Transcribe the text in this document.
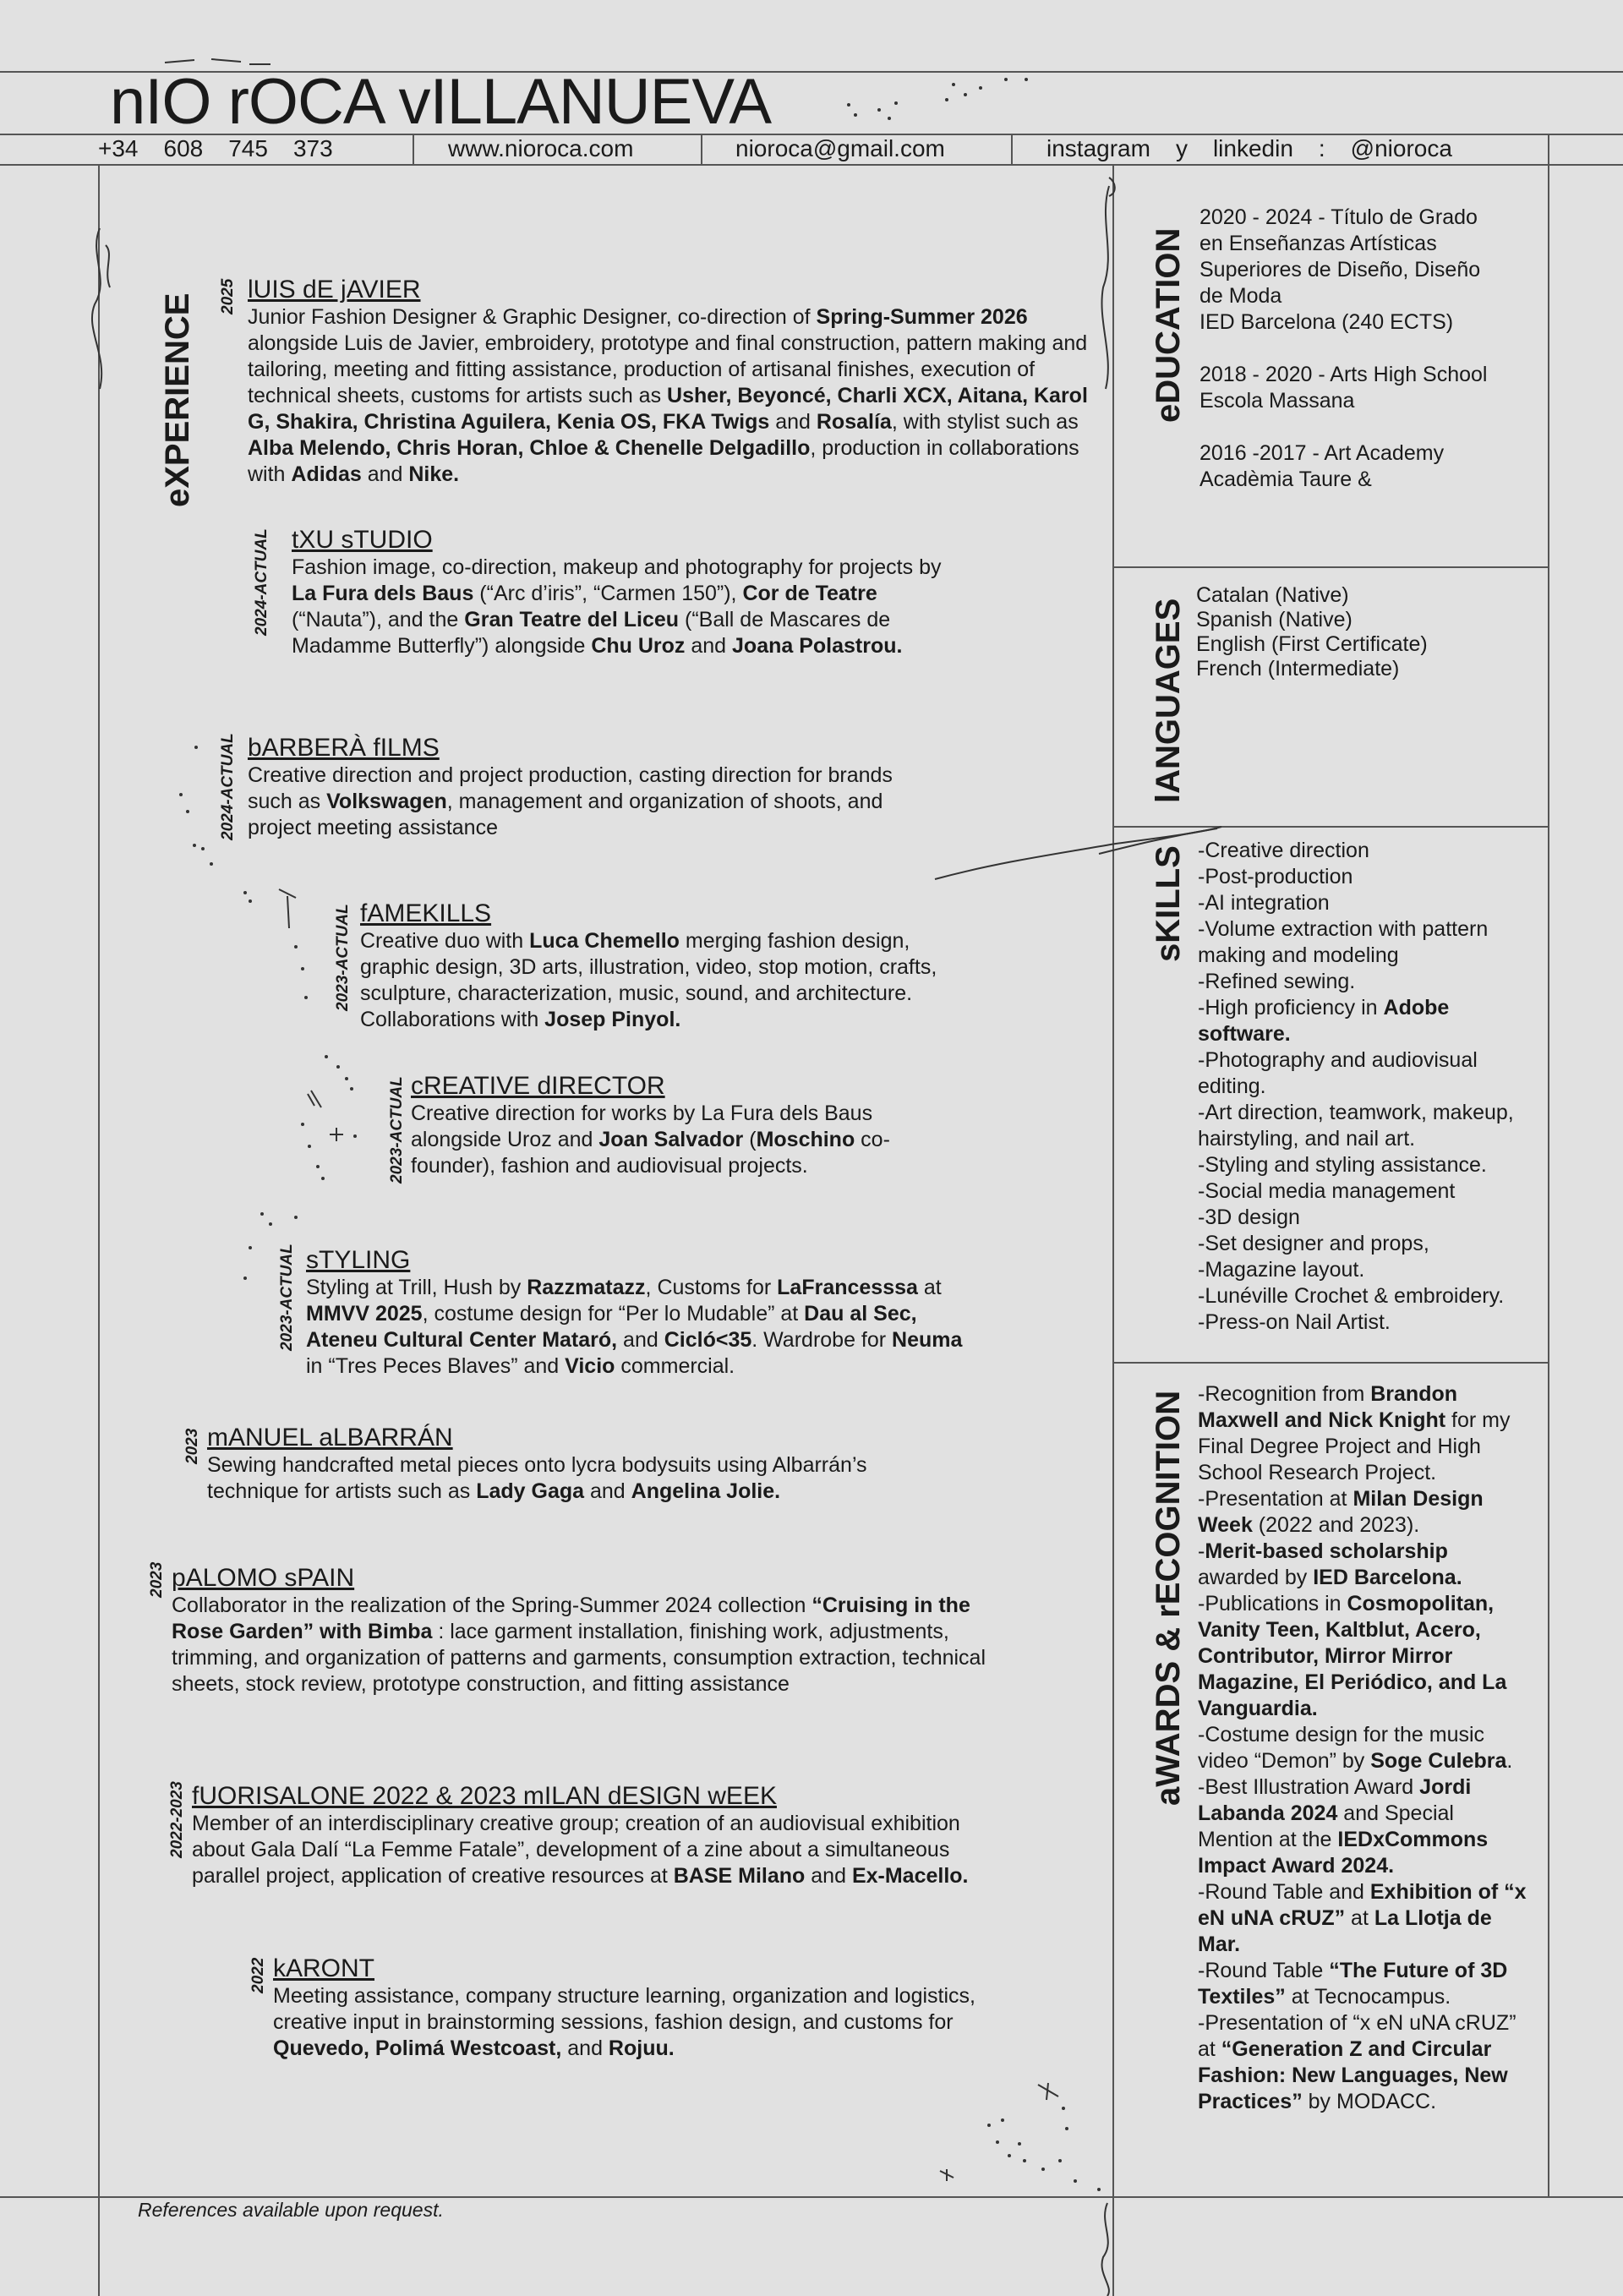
nIO rOCA vILLANUEVA
+34 608 745 373	www.nioroca.com	nioroca@gmail.com	instagram y linkedin : @nioroca
eXPERIENCE	eDUCATION
lANGUAGES
sKILLS
aWARDS & rECOGNITION
2025
2024-ACTUAL
2024-ACTUAL
2023-ACTUAL
2023-ACTUAL
2023-ACTUAL
2023
2023
2022-2023
2022
lUIS dE jAVIER
Junior Fashion Designer & Graphic Designer, co-direction of Spring-Summer 2026 alongside Luis de Javier, embroidery, prototype and final construction, pattern making and tailoring, meeting and fitting assistance, production of artisanal finishes, execution of technical sheets, customs for artists such as Usher, Beyoncé, Charli XCX, Aitana, Karol G, Shakira, Christina Aguilera, Kenia OS, FKA Twigs and Rosalía, with stylist such as Alba Melendo, Chris Horan, Chloe & Chenelle Delgadillo, production in collaborations with Adidas and Nike.
tXU sTUDIO
Fashion image, co-direction, makeup and photography for projects by La Fura dels Baus (“Arc d’iris”, “Carmen 150”), Cor de Teatre (“Nauta”), and the Gran Teatre del Liceu (“Ball de Mascares de Madamme Butterfly”) alongside Chu Uroz and Joana Polastrou.
bARBERÀ fILMS
Creative direction and project production, casting direction for brands such as Volkswagen, management and organization of shoots, and project meeting assistance
fAMEKILLS
Creative duo with Luca Chemello merging fashion design, graphic design, 3D arts, illustration, video, stop motion, crafts, sculpture, characterization, music, sound, and architecture. Collaborations with Josep Pinyol.
cREATIVE dIRECTOR
Creative direction for works by La Fura dels Baus alongside Uroz and Joan Salvador (Moschino co-founder), fashion and audiovisual projects.
sTYLING
Styling at Trill, Hush by Razzmatazz, Customs for LaFrancesssa at MMVV 2025, costume design for “Per lo Mudable” at Dau al Sec, Ateneu Cultural Center Mataró, and Cicló<35. Wardrobe for Neuma in “Tres Peces Blaves” and Vicio commercial.
mANUEL aLBARRÁN
Sewing handcrafted metal pieces onto lycra bodysuits using Albarrán’s technique for artists such as Lady Gaga and Angelina Jolie.
pALOMO sPAIN
Collaborator in the realization of the Spring-Summer 2024 collection “Cruising in the Rose Garden” with Bimba : lace garment installation, finishing work, adjustments, trimming, and organization of patterns and garments, consumption extraction, technical sheets, stock review, prototype construction, and fitting assistance
fUORISALONE 2022 & 2023 mILAN dESIGN wEEK
Member of an interdisciplinary creative group; creation of an audiovisual exhibition about Gala Dalí “La Femme Fatale”, development of a zine about a simultaneous parallel project, application of creative resources at BASE Milano and Ex-Macello.
kARONT
Meeting assistance, company structure learning, organization and logistics, creative input in brainstorming sessions, fashion design, and customs for Quevedo, Polimá Westcoast, and Rojuu.

2020 - 2024 - Título de Grado

en Enseñanzas Artísticas

Superiores de Diseño, Diseño

de Moda

IED Barcelona (240 ECTS)

2018 - 2020 - Arts High School

Escola Massana

2016 -2017 - Art Academy

Acadèmia Taure &

Catalan (Native)

Spanish (Native)

English (First Certificate)

French (Intermediate)

-Creative direction

-Post-production

-AI integration

-Volume extraction with pattern making and modeling

-Refined sewing.

-High proficiency in Adobe software.

-Photography and audiovisual editing.

-Art direction, teamwork, makeup, hairstyling, and nail art.

-Styling and styling assistance.

-Social media management

-3D design

-Set designer and props,

-Magazine layout.

-Lunéville Crochet & embroidery.

-Press-on Nail Artist.

-Recognition from Brandon Maxwell and Nick Knight for my Final Degree Project and High School Research Project.

-Presentation at Milan Design Week (2022 and 2023).

-Merit-based scholarship awarded by IED Barcelona.

-Publications in Cosmopolitan, Vanity Teen, Kaltblut, Acero, Contributor, Mirror Mirror Magazine, El Periódico, and La Vanguardia.

-Costume design for the music video “Demon” by Soge Culebra.

-Best Illustration Award Jordi Labanda 2024 and Special Mention at the IEDxCommons Impact Award 2024.

-Round Table and Exhibition of “x eN uNA cRUZ” at La Llotja de Mar.

-Round Table “The Future of 3D Textiles” at Tecnocampus.

-Presentation of “x eN uNA cRUZ” at “Generation Z and Circular Fashion: New Languages, New Practices” by MODACC.

References available upon request.
